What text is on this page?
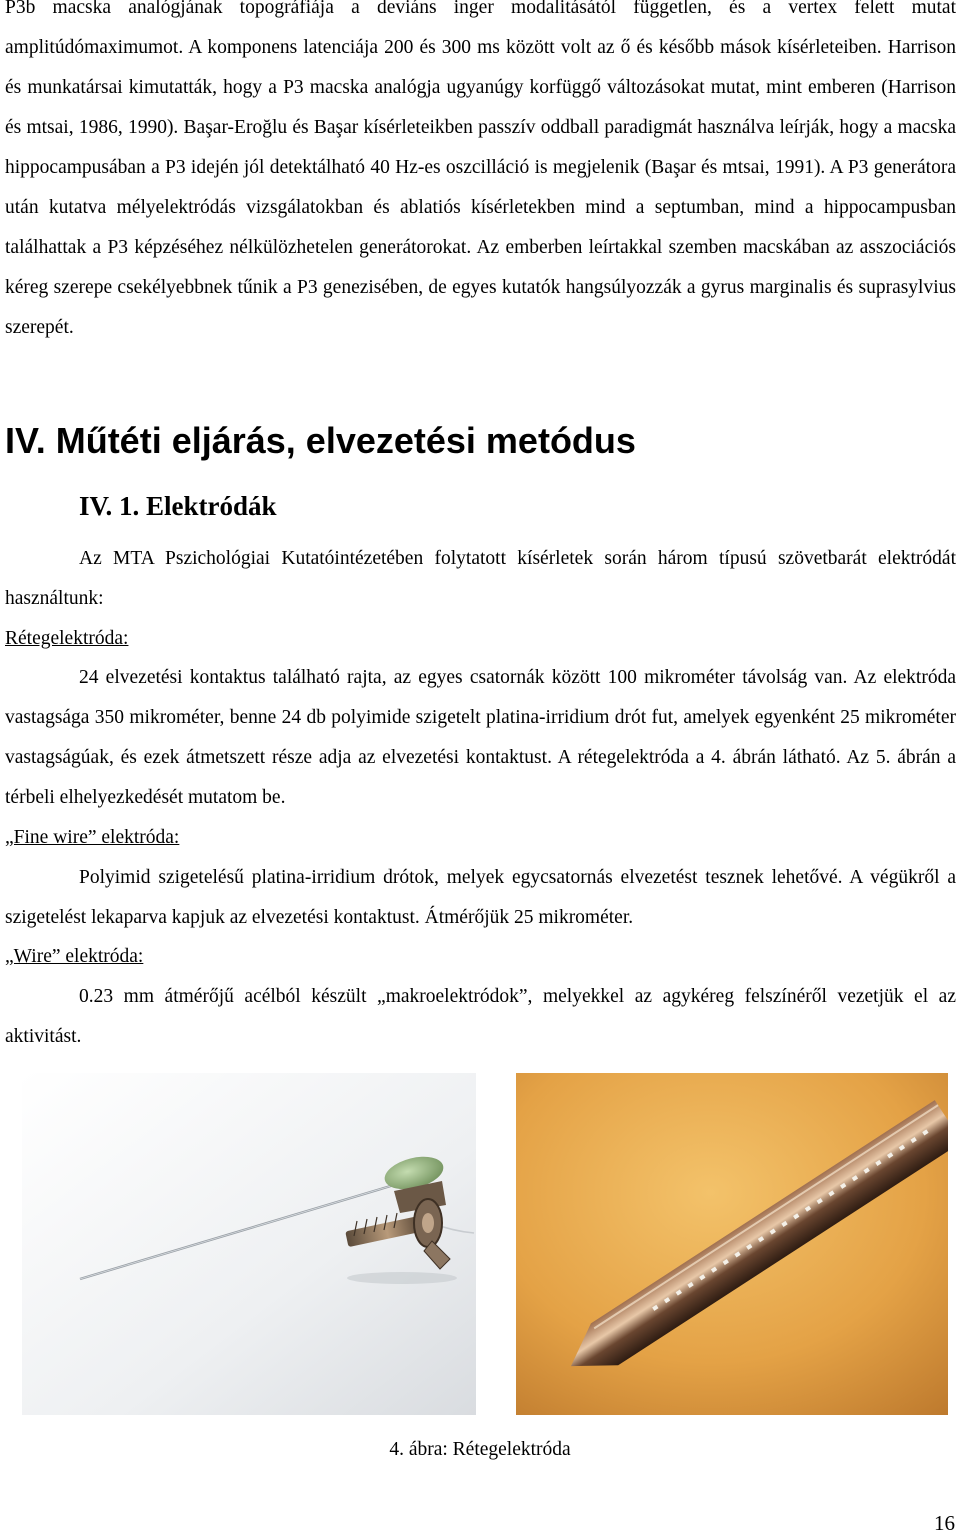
P3b macska analógjának topográfiája a deviáns inger modalitásától független, és a vertex felett mutat amplitúdómaximumot. A komponens latenciája 200 és 300 ms között volt az ő és később mások kísérleteiben. Harrison és munkatársai kimutatták, hogy a P3 macska analógja ugyanúgy korfüggő változásokat mutat, mint emberen (Harrison és mtsai, 1986, 1990). Başar-Eroğlu és Başar kísérleteikben passzív oddball paradigmát használva leírják, hogy a macska hippocampusában a P3 idején jól detektálható 40 Hz-es oszcilláció is megjelenik (Başar és mtsai, 1991). A P3 generátora után kutatva mélyelektródás vizsgálatokban és ablatiós kísérletekben mind a septumban, mind a hippocampusban találhattak a P3 képzéséhez nélkülözhetelen generátorokat. Az emberben leírtakkal szemben macskában az asszociációs kéreg szerepe csekélyebbnek tűnik a P3 genezisében, de egyes kutatók hangsúlyozzák a gyrus marginalis és suprasylvius szerepét.

IV. Műtéti eljárás, elvezetési metódus
IV. 1. Elektródák

Az MTA Pszichológiai Kutatóintézetében folytatott kísérletek során három típusú szövetbarát elektródát használtunk:

Rétegelektróda:

24 elvezetési kontaktus található rajta, az egyes csatornák között 100 mikrométer távolság van. Az elektróda vastagsága 350 mikrométer, benne 24 db polyimide szigetelt platina-irridium drót fut, amelyek egyenként 25 mikrométer vastagságúak, és ezek átmetszett része adja az elvezetési kontaktust. A rétegelektróda a 4. ábrán látható. Az 5. ábrán a térbeli elhelyezkedését mutatom be.

„Fine wire” elektróda:

Polyimid szigetelésű platina-irridium drótok, melyek egycsatornás elvezetést tesznek lehetővé. A végükről a szigetelést lekaparva kapjuk az elvezetési kontaktust. Átmérőjük 25 mikrométer.

„Wire” elektróda:

0.23 mm átmérőjű acélból készült „makroelektródok”, melyekkel az agykéreg felszínéről vezetjük el az aktivitást.

4. ábra: Rétegelektróda
16
